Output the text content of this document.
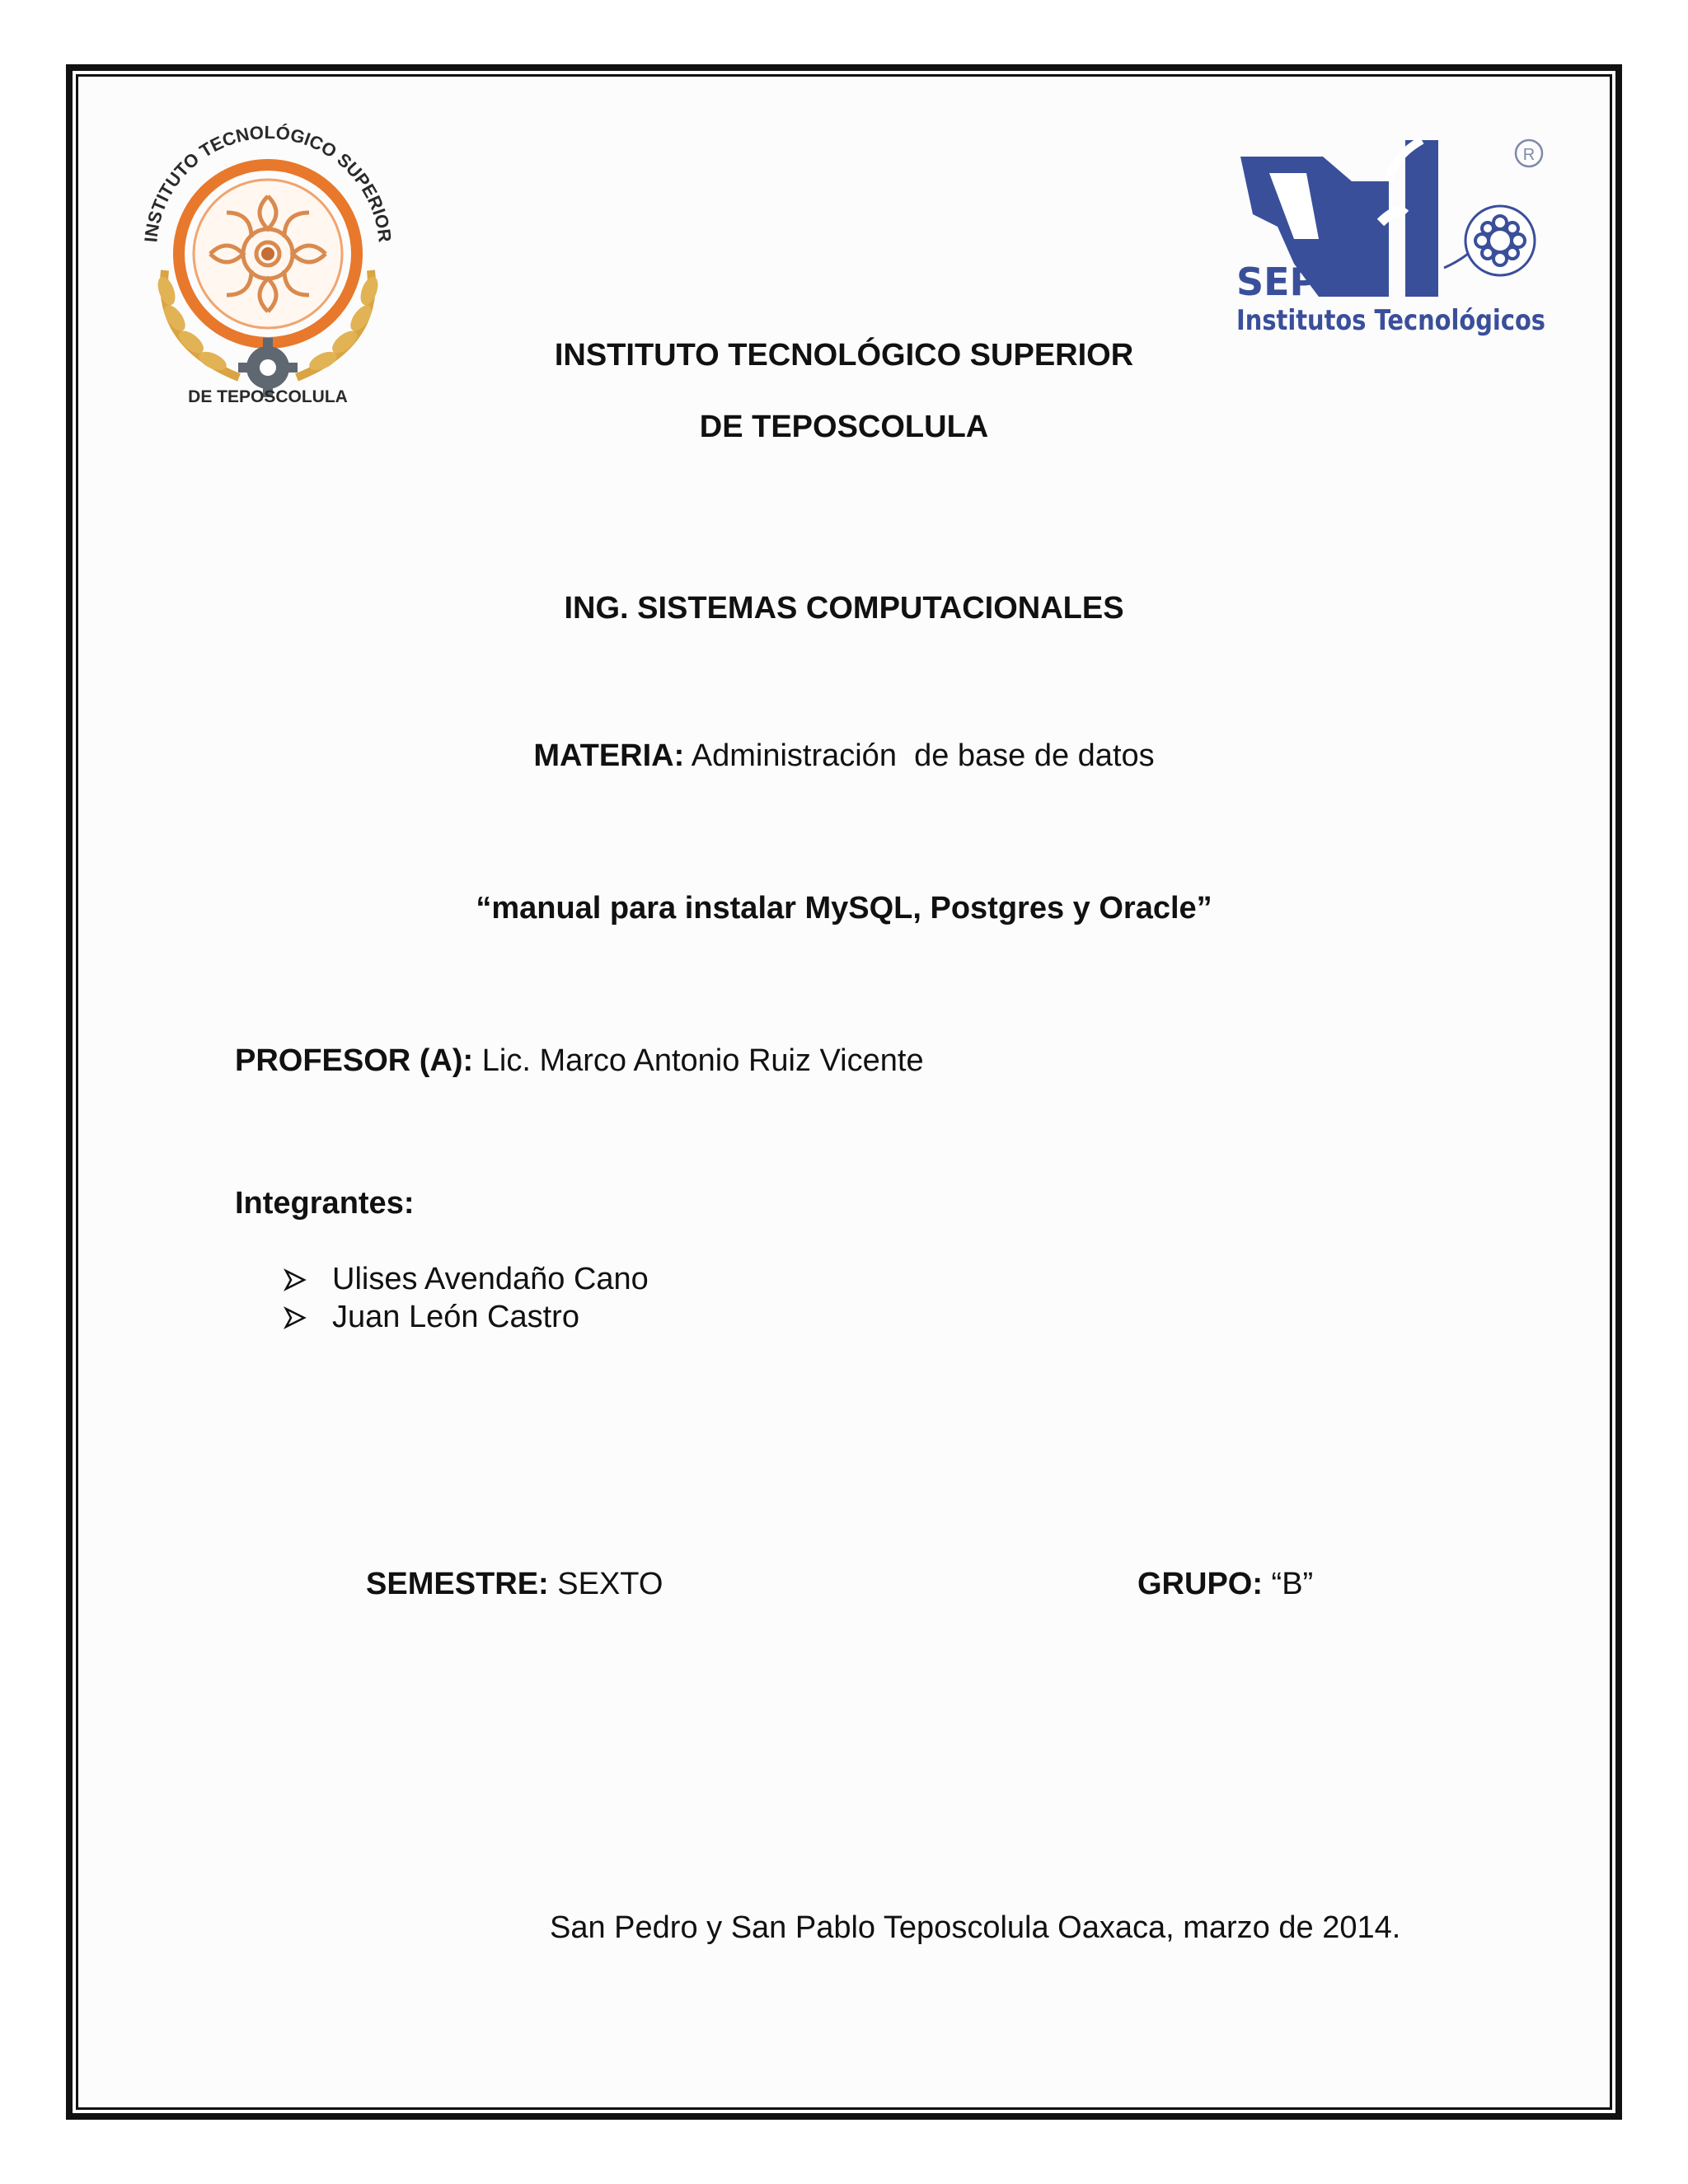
INSTITUTO TECNOLÓGICO SUPERIOR
DE TEPOSCOLULA
R
SEP
Institutos Tecnológicos
INSTITUTO TECNOLÓGICO SUPERIOR
DE TEPOSCOLULA
ING. SISTEMAS COMPUTACIONALES
MATERIA: Administración  de base de datos
“manual para instalar MySQL, Postgres y Oracle”
PROFESOR (A): Lic. Marco Antonio Ruiz Vicente
Integrantes:
Ulises Avendaño Cano
Juan León Castro
SEMESTRE: SEXTO	GRUPO: “B”
San Pedro y San Pablo Teposcolula Oaxaca, marzo de 2014.
